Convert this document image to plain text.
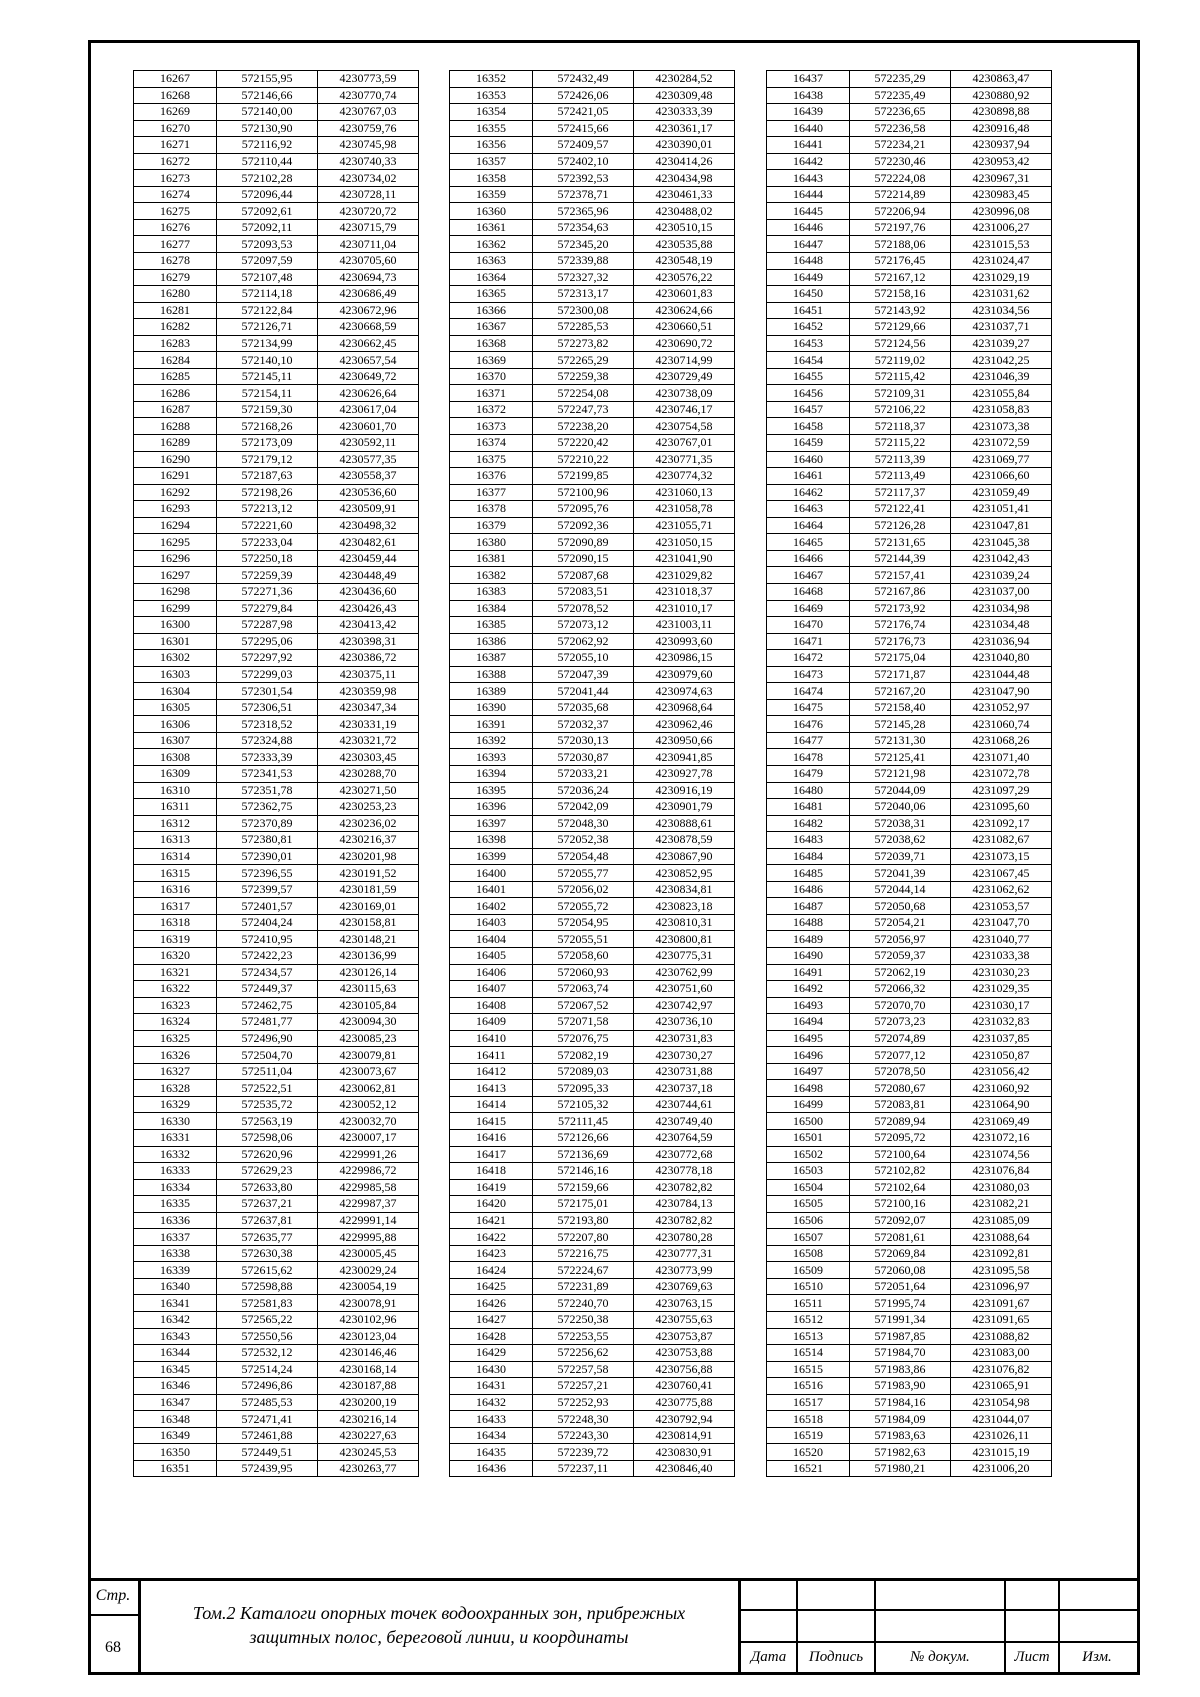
16267	572155,95	4230773,59
16268	572146,66	4230770,74
16269	572140,00	4230767,03
16270	572130,90	4230759,76
16271	572116,92	4230745,98
16272	572110,44	4230740,33
16273	572102,28	4230734,02
16274	572096,44	4230728,11
16275	572092,61	4230720,72
16276	572092,11	4230715,79
16277	572093,53	4230711,04
16278	572097,59	4230705,60
16279	572107,48	4230694,73
16280	572114,18	4230686,49
16281	572122,84	4230672,96
16282	572126,71	4230668,59
16283	572134,99	4230662,45
16284	572140,10	4230657,54
16285	572145,11	4230649,72
16286	572154,11	4230626,64
16287	572159,30	4230617,04
16288	572168,26	4230601,70
16289	572173,09	4230592,11
16290	572179,12	4230577,35
16291	572187,63	4230558,37
16292	572198,26	4230536,60
16293	572213,12	4230509,91
16294	572221,60	4230498,32
16295	572233,04	4230482,61
16296	572250,18	4230459,44
16297	572259,39	4230448,49
16298	572271,36	4230436,60
16299	572279,84	4230426,43
16300	572287,98	4230413,42
16301	572295,06	4230398,31
16302	572297,92	4230386,72
16303	572299,03	4230375,11
16304	572301,54	4230359,98
16305	572306,51	4230347,34
16306	572318,52	4230331,19
16307	572324,88	4230321,72
16308	572333,39	4230303,45
16309	572341,53	4230288,70
16310	572351,78	4230271,50
16311	572362,75	4230253,23
16312	572370,89	4230236,02
16313	572380,81	4230216,37
16314	572390,01	4230201,98
16315	572396,55	4230191,52
16316	572399,57	4230181,59
16317	572401,57	4230169,01
16318	572404,24	4230158,81
16319	572410,95	4230148,21
16320	572422,23	4230136,99
16321	572434,57	4230126,14
16322	572449,37	4230115,63
16323	572462,75	4230105,84
16324	572481,77	4230094,30
16325	572496,90	4230085,23
16326	572504,70	4230079,81
16327	572511,04	4230073,67
16328	572522,51	4230062,81
16329	572535,72	4230052,12
16330	572563,19	4230032,70
16331	572598,06	4230007,17
16332	572620,96	4229991,26
16333	572629,23	4229986,72
16334	572633,80	4229985,58
16335	572637,21	4229987,37
16336	572637,81	4229991,14
16337	572635,77	4229995,88
16338	572630,38	4230005,45
16339	572615,62	4230029,24
16340	572598,88	4230054,19
16341	572581,83	4230078,91
16342	572565,22	4230102,96
16343	572550,56	4230123,04
16344	572532,12	4230146,46
16345	572514,24	4230168,14
16346	572496,86	4230187,88
16347	572485,53	4230200,19
16348	572471,41	4230216,14
16349	572461,88	4230227,63
16350	572449,51	4230245,53
16351	572439,95	4230263,77
16352	572432,49	4230284,52
16353	572426,06	4230309,48
16354	572421,05	4230333,39
16355	572415,66	4230361,17
16356	572409,57	4230390,01
16357	572402,10	4230414,26
16358	572392,53	4230434,98
16359	572378,71	4230461,33
16360	572365,96	4230488,02
16361	572354,63	4230510,15
16362	572345,20	4230535,88
16363	572339,88	4230548,19
16364	572327,32	4230576,22
16365	572313,17	4230601,83
16366	572300,08	4230624,66
16367	572285,53	4230660,51
16368	572273,82	4230690,72
16369	572265,29	4230714,99
16370	572259,38	4230729,49
16371	572254,08	4230738,09
16372	572247,73	4230746,17
16373	572238,20	4230754,58
16374	572220,42	4230767,01
16375	572210,22	4230771,35
16376	572199,85	4230774,32
16377	572100,96	4231060,13
16378	572095,76	4231058,78
16379	572092,36	4231055,71
16380	572090,89	4231050,15
16381	572090,15	4231041,90
16382	572087,68	4231029,82
16383	572083,51	4231018,37
16384	572078,52	4231010,17
16385	572073,12	4231003,11
16386	572062,92	4230993,60
16387	572055,10	4230986,15
16388	572047,39	4230979,60
16389	572041,44	4230974,63
16390	572035,68	4230968,64
16391	572032,37	4230962,46
16392	572030,13	4230950,66
16393	572030,87	4230941,85
16394	572033,21	4230927,78
16395	572036,24	4230916,19
16396	572042,09	4230901,79
16397	572048,30	4230888,61
16398	572052,38	4230878,59
16399	572054,48	4230867,90
16400	572055,77	4230852,95
16401	572056,02	4230834,81
16402	572055,72	4230823,18
16403	572054,95	4230810,31
16404	572055,51	4230800,81
16405	572058,60	4230775,31
16406	572060,93	4230762,99
16407	572063,74	4230751,60
16408	572067,52	4230742,97
16409	572071,58	4230736,10
16410	572076,75	4230731,83
16411	572082,19	4230730,27
16412	572089,03	4230731,88
16413	572095,33	4230737,18
16414	572105,32	4230744,61
16415	572111,45	4230749,40
16416	572126,66	4230764,59
16417	572136,69	4230772,68
16418	572146,16	4230778,18
16419	572159,66	4230782,82
16420	572175,01	4230784,13
16421	572193,80	4230782,82
16422	572207,80	4230780,28
16423	572216,75	4230777,31
16424	572224,67	4230773,99
16425	572231,89	4230769,63
16426	572240,70	4230763,15
16427	572250,38	4230755,63
16428	572253,55	4230753,87
16429	572256,62	4230753,88
16430	572257,58	4230756,88
16431	572257,21	4230760,41
16432	572252,93	4230775,88
16433	572248,30	4230792,94
16434	572243,30	4230814,91
16435	572239,72	4230830,91
16436	572237,11	4230846,40
16437	572235,29	4230863,47
16438	572235,49	4230880,92
16439	572236,65	4230898,88
16440	572236,58	4230916,48
16441	572234,21	4230937,94
16442	572230,46	4230953,42
16443	572224,08	4230967,31
16444	572214,89	4230983,45
16445	572206,94	4230996,08
16446	572197,76	4231006,27
16447	572188,06	4231015,53
16448	572176,45	4231024,47
16449	572167,12	4231029,19
16450	572158,16	4231031,62
16451	572143,92	4231034,56
16452	572129,66	4231037,71
16453	572124,56	4231039,27
16454	572119,02	4231042,25
16455	572115,42	4231046,39
16456	572109,31	4231055,84
16457	572106,22	4231058,83
16458	572118,37	4231073,38
16459	572115,22	4231072,59
16460	572113,39	4231069,77
16461	572113,49	4231066,60
16462	572117,37	4231059,49
16463	572122,41	4231051,41
16464	572126,28	4231047,81
16465	572131,65	4231045,38
16466	572144,39	4231042,43
16467	572157,41	4231039,24
16468	572167,86	4231037,00
16469	572173,92	4231034,98
16470	572176,74	4231034,48
16471	572176,73	4231036,94
16472	572175,04	4231040,80
16473	572171,87	4231044,48
16474	572167,20	4231047,90
16475	572158,40	4231052,97
16476	572145,28	4231060,74
16477	572131,30	4231068,26
16478	572125,41	4231071,40
16479	572121,98	4231072,78
16480	572044,09	4231097,29
16481	572040,06	4231095,60
16482	572038,31	4231092,17
16483	572038,62	4231082,67
16484	572039,71	4231073,15
16485	572041,39	4231067,45
16486	572044,14	4231062,62
16487	572050,68	4231053,57
16488	572054,21	4231047,70
16489	572056,97	4231040,77
16490	572059,37	4231033,38
16491	572062,19	4231030,23
16492	572066,32	4231029,35
16493	572070,70	4231030,17
16494	572073,23	4231032,83
16495	572074,89	4231037,85
16496	572077,12	4231050,87
16497	572078,50	4231056,42
16498	572080,67	4231060,92
16499	572083,81	4231064,90
16500	572089,94	4231069,49
16501	572095,72	4231072,16
16502	572100,64	4231074,56
16503	572102,82	4231076,84
16504	572102,64	4231080,03
16505	572100,16	4231082,21
16506	572092,07	4231085,09
16507	572081,61	4231088,64
16508	572069,84	4231092,81
16509	572060,08	4231095,58
16510	572051,64	4231096,97
16511	571995,74	4231091,67
16512	571991,34	4231091,65
16513	571987,85	4231088,82
16514	571984,70	4231083,00
16515	571983,86	4231076,82
16516	571983,90	4231065,91
16517	571984,16	4231054,98
16518	571984,09	4231044,07
16519	571983,63	4231026,11
16520	571982,63	4231015,19
16521	571980,21	4231006,20
Стр.
68
Том.2 Каталоги опорных точек водоохранных зон, прибрежных
защитных полос, береговой линии, и координаты
Дата	Подпись	№ докум.	Лист	Изм.
